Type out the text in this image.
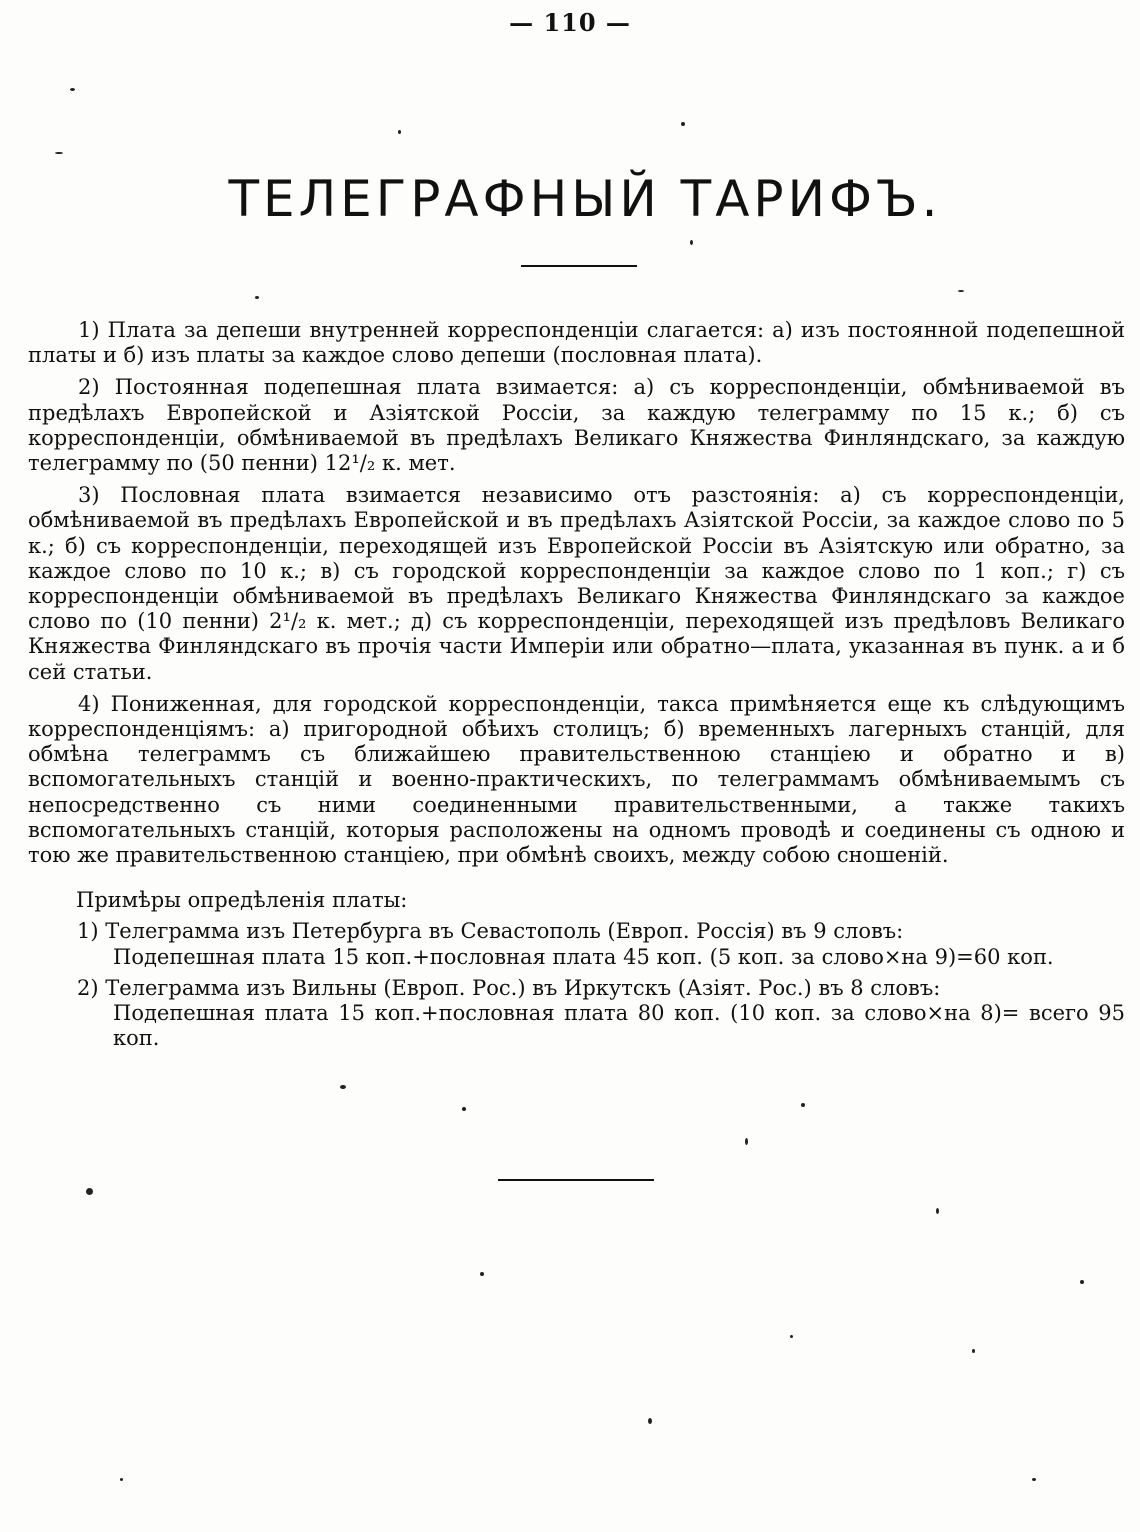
— 110 —
ТЕЛЕГРАФНЫЙ ТАРИФЪ.

1) Плата за депеши внутренней корреспонденціи слагается: а) изъ постоянной подепешной платы и б) изъ платы за каждое слово депеши (пословная плата).

2) Постоянная подепешная плата взимается: а) съ корреспонденціи, обмѣниваемой въ предѣлахъ Европейской и Азіятской Россіи, за каждую телеграмму по 15 к.; б) съ корреспонденціи, обмѣниваемой въ предѣлахъ Великаго Княжества Финляндскаго, за каждую телеграмму по (50 пенни) 12¹/₂ к. мет.

3) Пословная плата взимается независимо отъ разстоянія: а) съ корреспонденціи, обмѣниваемой въ предѣлахъ Европейской и въ предѣлахъ Азіятской Россіи, за каждое слово по 5 к.; б) съ корреспонденціи, переходящей изъ Европейской Россіи въ Азіятскую или обратно, за каждое слово по 10 к.; в) съ городской корреспонденціи за каждое слово по 1 коп.; г) съ корреспонденціи обмѣниваемой въ предѣлахъ Великаго Княжества Финляндскаго за каждое слово по (10 пенни) 2¹/₂ к. мет.; д) съ корреспонденціи, переходящей изъ предѣловъ Великаго Княжества Финляндскаго въ прочія части Имперіи или обратно—плата, указанная въ пунк. а и б сей статьи.

4) Пониженная, для городской корреспонденціи, такса примѣняется еще къ слѣдующимъ корреспонденціямъ: а) пригородной обѣихъ столицъ; б) временныхъ лагерныхъ станцій, для обмѣна телеграммъ съ ближайшею правительственною станціею и обратно и в) вспомогательныхъ станцій и военно-практическихъ, по телеграммамъ обмѣниваемымъ съ непосредственно съ ними соединенными правительственными, а также такихъ вспомогательныхъ станцій, которыя расположены на одномъ проводѣ и соединены съ одною и тою же правительственною станціею, при обмѣнѣ своихъ, между собою сношеній.

Примѣры опредѣленія платы:

1) Телеграмма изъ Петербурга въ Севастополь (Европ. Россія) въ 9 словъ:
Подепешная плата 15 коп.+пословная плата 45 коп. (5 коп. за слово×на 9)=60 коп.

2) Телеграмма изъ Вильны (Европ. Рос.) въ Иркутскъ (Азіят. Рос.) въ 8 словъ:
Подепешная плата 15 коп.+пословная плата 80 коп. (10 коп. за слово×на 8)= всего 95 коп.
